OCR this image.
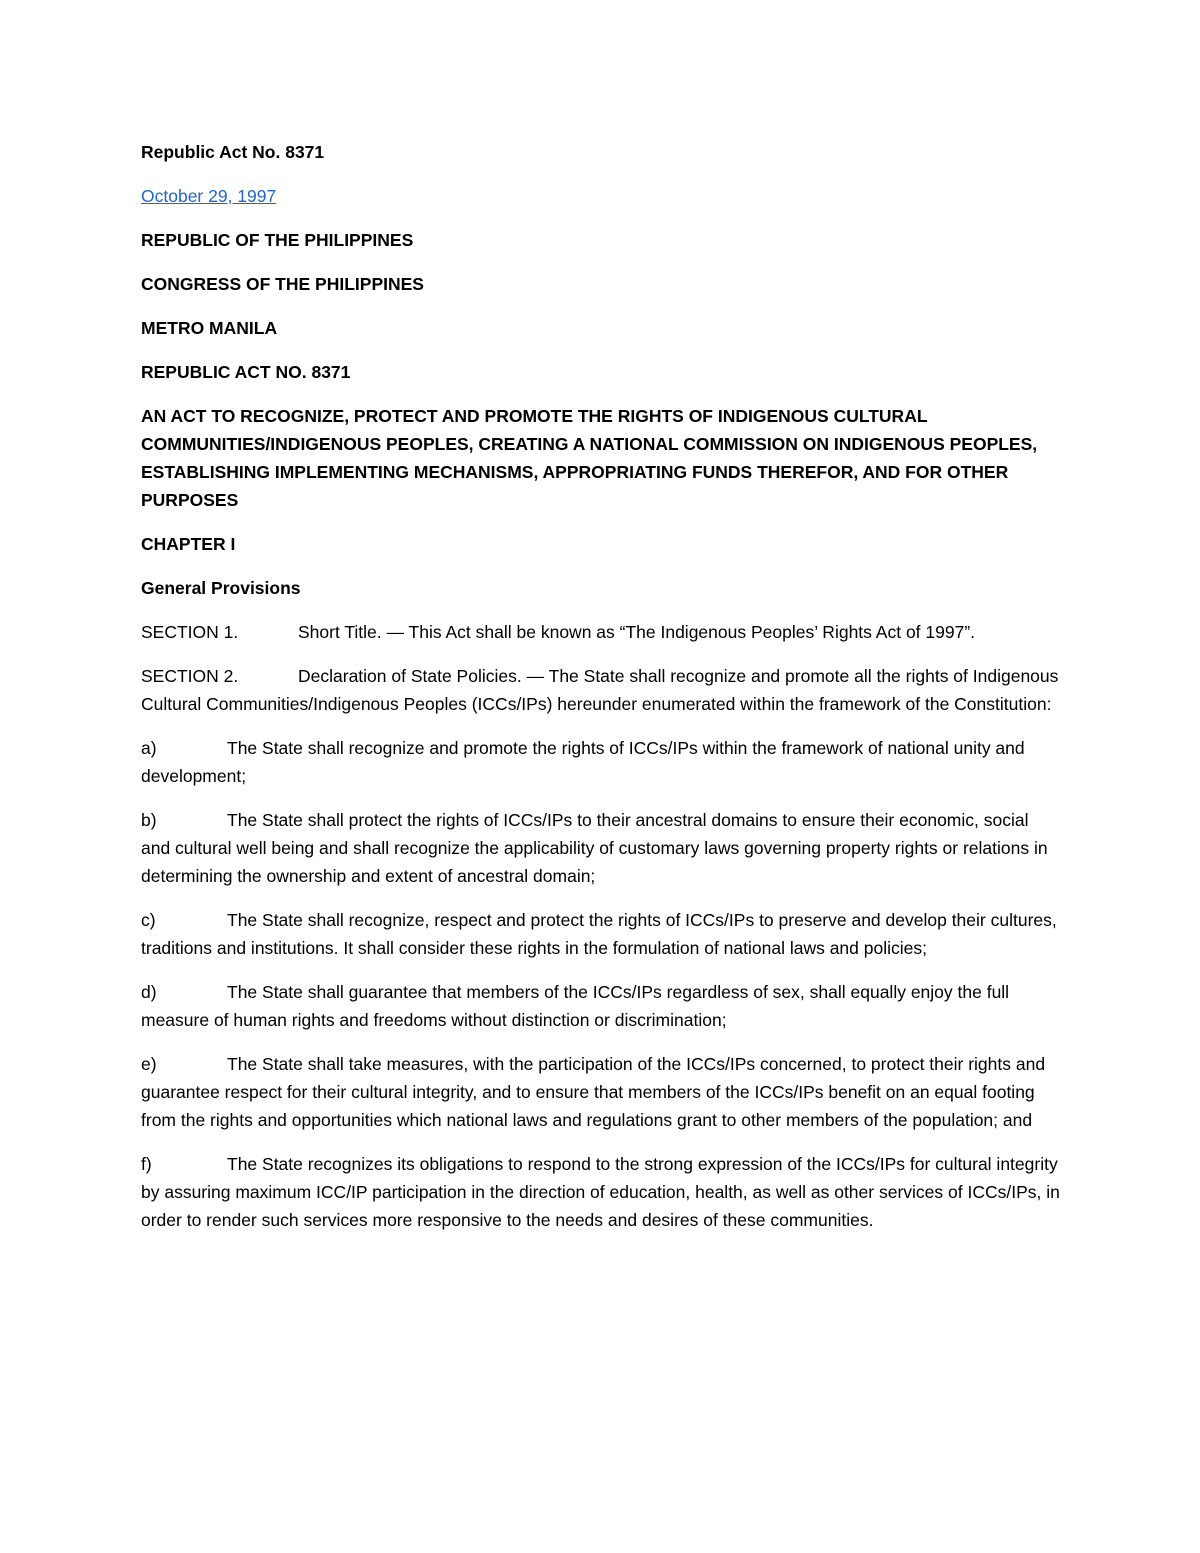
Republic Act No. 8371

October 29, 1997

REPUBLIC OF THE PHILIPPINES

CONGRESS OF THE PHILIPPINES

METRO MANILA

REPUBLIC ACT NO. 8371

AN ACT TO RECOGNIZE, PROTECT AND PROMOTE THE RIGHTS OF INDIGENOUS CULTURAL COMMUNITIES/INDIGENOUS PEOPLES, CREATING A NATIONAL COMMISSION ON INDIGENOUS PEOPLES, ESTABLISHING IMPLEMENTING MECHANISMS, APPROPRIATING FUNDS THEREFOR, AND FOR OTHER PURPOSES

CHAPTER I

General Provisions

SECTION 1.	Short Title. — This Act shall be known as “The Indigenous Peoples’ Rights Act of 1997”.

SECTION 2.	Declaration of State Policies. — The State shall recognize and promote all the rights of Indigenous Cultural Communities/Indigenous Peoples (ICCs/IPs) hereunder enumerated within the framework of the Constitution:

a)	The State shall recognize and promote the rights of ICCs/IPs within the framework of national unity and development;

b)	The State shall protect the rights of ICCs/IPs to their ancestral domains to ensure their economic, social and cultural well being and shall recognize the applicability of customary laws governing property rights or relations in determining the ownership and extent of ancestral domain;

c)	The State shall recognize, respect and protect the rights of ICCs/IPs to preserve and develop their cultures, traditions and institutions. It shall consider these rights in the formulation of national laws and policies;

d)	The State shall guarantee that members of the ICCs/IPs regardless of sex, shall equally enjoy the full measure of human rights and freedoms without distinction or discrimination;

e)	The State shall take measures, with the participation of the ICCs/IPs concerned, to protect their rights and guarantee respect for their cultural integrity, and to ensure that members of the ICCs/IPs benefit on an equal footing from the rights and opportunities which national laws and regulations grant to other members of the population; and

f)	The State recognizes its obligations to respond to the strong expression of the ICCs/IPs for cultural integrity by assuring maximum ICC/IP participation in the direction of education, health, as well as other services of ICCs/IPs, in order to render such services more responsive to the needs and desires of these communities.
